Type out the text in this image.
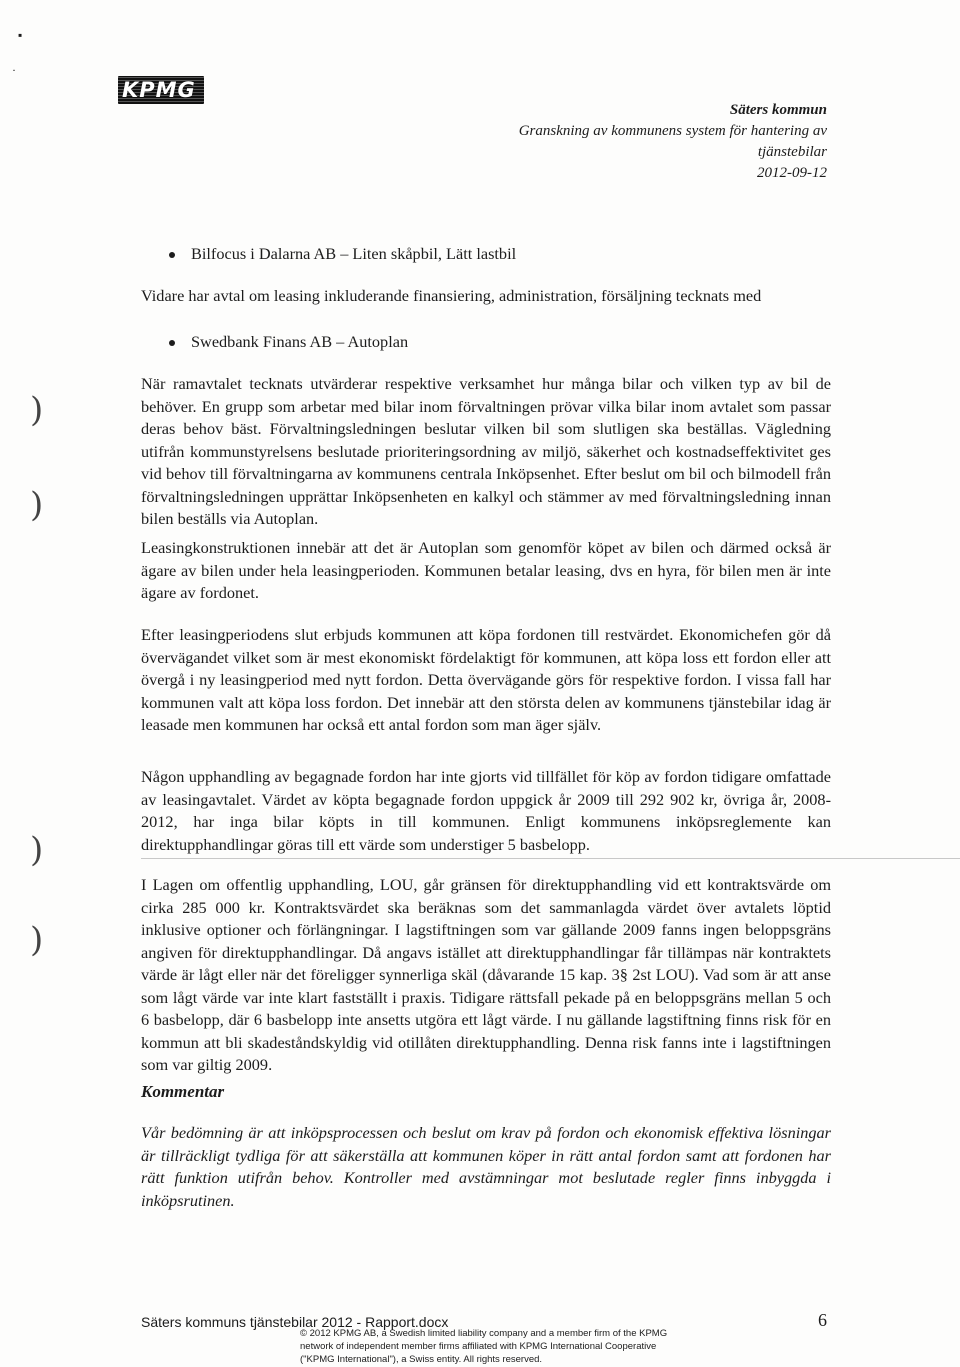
▪
·
KPMG
Säters kommun
Granskning av kommunens system för hantering av
tjänstebilar
2012-09-12
Bilfocus i Dalarna AB – Liten skåpbil, Lätt lastbil
Vidare har avtal om leasing inkluderande finansiering, administration, försäljning tecknats med
Swedbank Finans AB – Autoplan
När ramavtalet tecknats utvärderar respektive verksamhet hur många bilar och vilken typ av bil de behöver. En grupp som arbetar med bilar inom förvaltningen prövar vilka bilar inom avtalet som passar deras behov bäst. Förvaltningsledningen beslutar vilken bil som slutligen ska beställas. Vägledning utifrån kommunstyrelsens beslutade prioriteringsordning av miljö, säkerhet och kostnadseffektivitet ges vid behov till förvaltningarna av kommunens centrala Inköpsenhet. Efter beslut om bil och bilmodell från förvaltningsledningen upprättar Inköpsenheten en kalkyl och stämmer av med förvaltningsledning innan bilen beställs via Autoplan.
Leasingkonstruktionen innebär att det är Autoplan som genomför köpet av bilen och därmed också är ägare av bilen under hela leasingperioden. Kommunen betalar leasing, dvs en hyra, för bilen men är inte ägare av fordonet.
Efter leasingperiodens slut erbjuds kommunen att köpa fordonen till restvärdet. Ekonomichefen gör då övervägandet vilket som är mest ekonomiskt fördelaktigt för kommunen, att köpa loss ett fordon eller att övergå i ny leasingperiod med nytt fordon. Detta övervägande görs för respektive fordon. I vissa fall har kommunen valt att köpa loss fordon. Det innebär att den största delen av kommunens tjänstebilar idag är leasade men kommunen har också ett antal fordon som man äger själv.
Någon upphandling av begagnade fordon har inte gjorts vid tillfället för köp av fordon tidigare omfattade av leasingavtalet. Värdet av köpta begagnade fordon uppgick år 2009 till 292 902 kr, övriga år, 2008-2012, har inga bilar köpts in till kommunen. Enligt kommunens inköpsreglemente kan direktupphandlingar göras till ett värde som understiger 5 basbelopp.
I Lagen om offentlig upphandling, LOU, går gränsen för direktupphandling vid ett kontraktsvärde om cirka 285 000 kr. Kontraktsvärdet ska beräknas som det sammanlagda värdet över avtalets löptid inklusive optioner och förlängningar. I lagstiftningen som var gällande 2009 fanns ingen beloppsgräns angiven för direktupphandlingar. Då angavs istället att direktupphandlingar får tillämpas när kontraktets värde är lågt eller när det föreligger synnerliga skäl (dåvarande 15 kap. 3§ 2st LOU). Vad som är att anse som lågt värde var inte klart fastställt i praxis. Tidigare rättsfall pekade på en beloppsgräns mellan 5 och 6 basbelopp, där 6 basbelopp inte ansetts utgöra ett lågt värde. I nu gällande lagstiftning finns risk för en kommun att bli skadeståndskyldig vid otillåten direktupphandling. Denna risk fanns inte i lagstiftningen som var giltig 2009.
Kommentar
Vår bedömning är att inköpsprocessen och beslut om krav på fordon och ekonomisk effektiva lösningar är tillräckligt tydliga för att säkerställa att kommunen köper in rätt antal fordon samt att fordonen har rätt funktion utifrån behov. Kontroller med avstämningar mot beslutade regler finns inbyggda i inköpsrutinen.
)
)
)
)
Säters kommuns tjänstebilar 2012 - Rapport.docx	6
© 2012 KPMG AB, a Swedish limited liability company and a member firm of the KPMG network of independent member firms affiliated with KPMG International Cooperative ("KPMG International"), a Swiss entity. All rights reserved.
